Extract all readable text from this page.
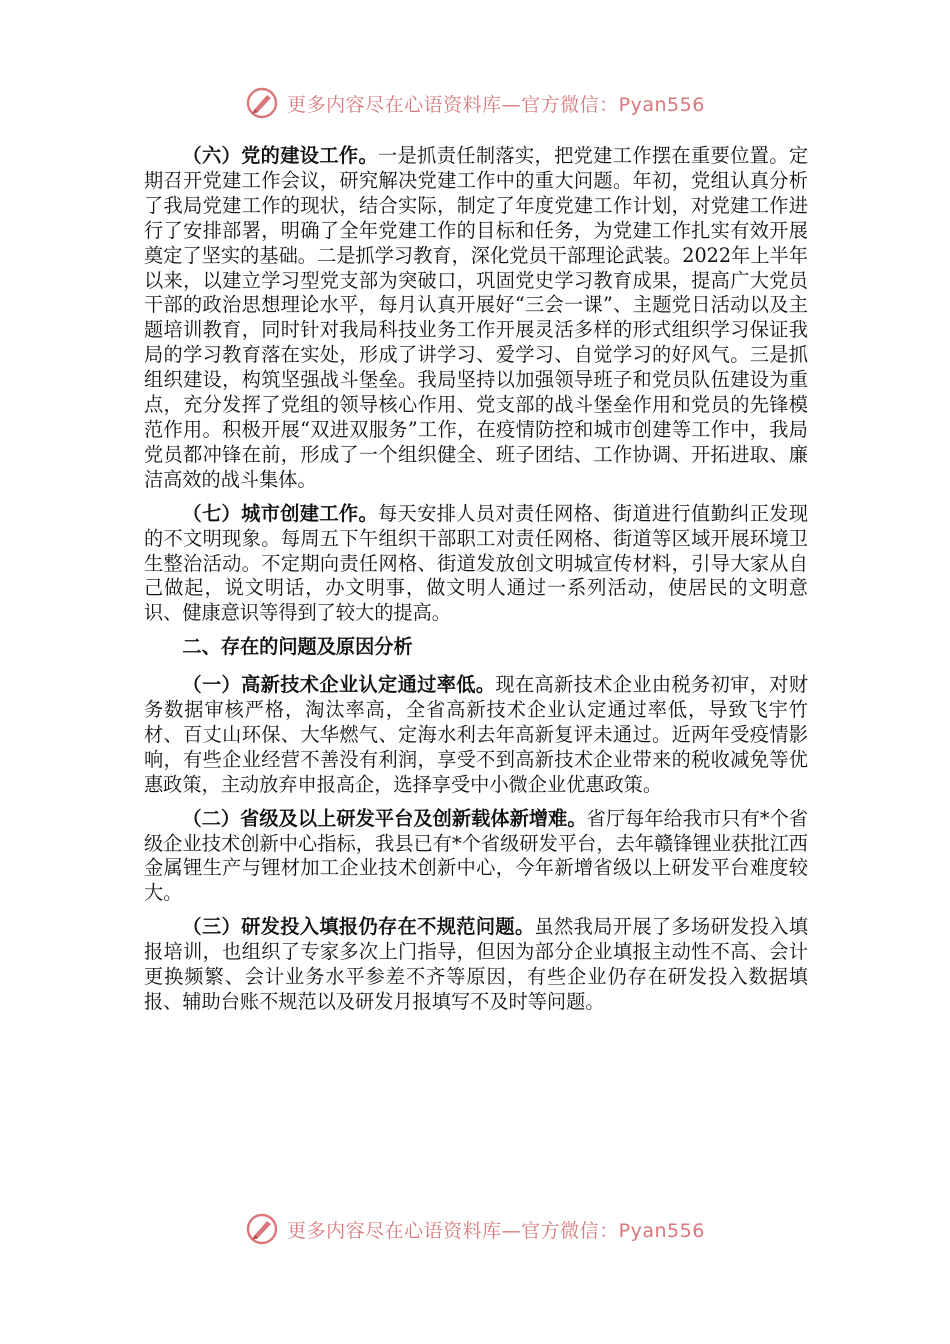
更多内容尽在心语资料库—官方微信：Pyan556

（六）党的建设工作。一是抓责任制落实，把党建工作摆在重要位置。定期召开党建工作会议，研究解决党建工作中的重大问题。年初，党组认真分析了我局党建工作的现状，结合实际，制定了年度党建工作计划，对党建工作进行了安排部署，明确了全年党建工作的目标和任务，为党建工作扎实有效开展奠定了坚实的基础。二是抓学习教育，深化党员干部理论武装。2022年上半年以来，以建立学习型党支部为突破口，巩固党史学习教育成果，提高广大党员干部的政治思想理论水平，每月认真开展好“三会一课”、主题党日活动以及主题培训教育，同时针对我局科技业务工作开展灵活多样的形式组织学习保证我局的学习教育落在实处，形成了讲学习、爱学习、自觉学习的好风气。三是抓组织建设，构筑坚强战斗堡垒。我局坚持以加强领导班子和党员队伍建设为重点，充分发挥了党组的领导核心作用、党支部的战斗堡垒作用和党员的先锋模范作用。积极开展“双进双服务”工作，在疫情防控和城市创建等工作中，我局党员都冲锋在前，形成了一个组织健全、班子团结、工作协调、开拓进取、廉洁高效的战斗集体。

（七）城市创建工作。每天安排人员对责任网格、街道进行值勤纠正发现的不文明现象。每周五下午组织干部职工对责任网格、街道等区域开展环境卫生整治活动。不定期向责任网格、街道发放创文明城宣传材料，引导大家从自己做起，说文明话，办文明事，做文明人通过一系列活动，使居民的文明意识、健康意识等得到了较大的提高。

二、存在的问题及原因分析

（一）高新技术企业认定通过率低。现在高新技术企业由税务初审，对财务数据审核严格，淘汰率高，全省高新技术企业认定通过率低，导致飞宇竹材、百丈山环保、大华燃气、定海水利去年高新复评未通过。近两年受疫情影响，有些企业经营不善没有利润，享受不到高新技术企业带来的税收减免等优惠政策，主动放弃申报高企，选择享受中小微企业优惠政策。

（二）省级及以上研发平台及创新载体新增难。省厅每年给我市只有*个省级企业技术创新中心指标，我县已有*个省级研发平台，去年赣锋锂业获批江西金属锂生产与锂材加工企业技术创新中心，今年新增省级以上研发平台难度较大。

（三）研发投入填报仍存在不规范问题。虽然我局开展了多场研发投入填报培训，也组织了专家多次上门指导，但因为部分企业填报主动性不高、会计更换频繁、会计业务水平参差不齐等原因，有些企业仍存在研发投入数据填报、辅助台账不规范以及研发月报填写不及时等问题。

更多内容尽在心语资料库—官方微信：Pyan556
